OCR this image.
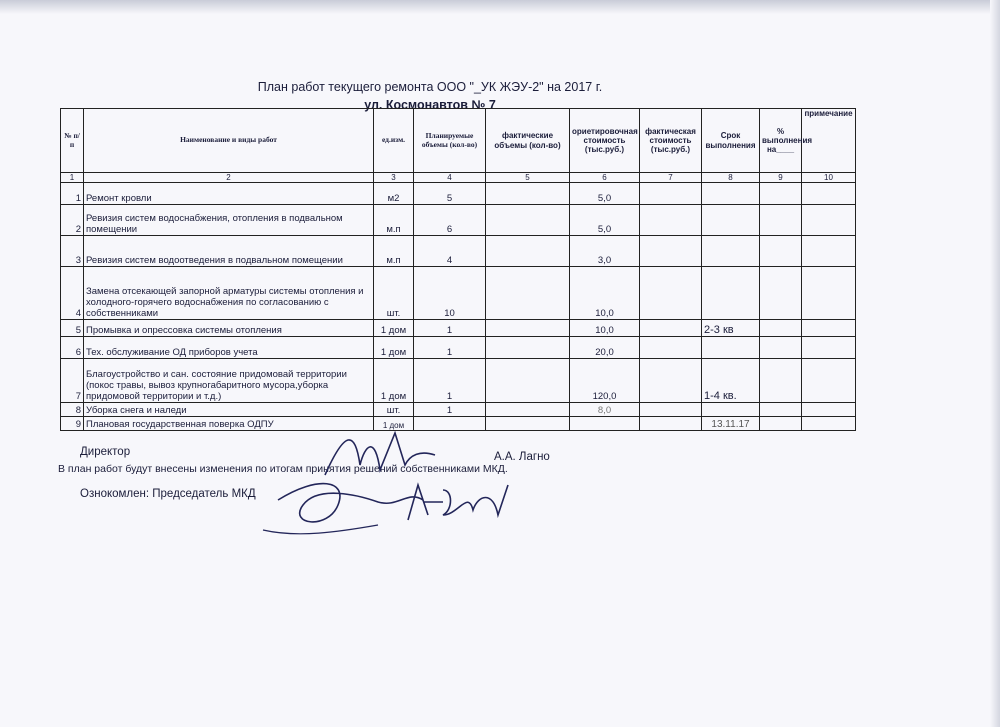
План работ текущего ремонта ООО "_УК ЖЭУ-2" на 2017 г.
ул. Космонавтов № 7
№ п/п	Наименование и виды работ	ед.изм.	Планируемые объемы (кол-во)	фактические объемы (кол-во)	ориетировочная стоимость (тыс.руб.)	фактическая стоимость (тыс.руб.)	Срок выполнения	% выполнения на____	примечание
1	2	3	4	5	6	7	8	9	10
1	Ремонт кровли	м2	5		5,0				
2	Ревизия систем водоснабжения, отопления в подвальном помещении	м.п	6		5,0				
3	Ревизия систем водоотведения в подвальном помещении	м.п	4		3,0				
4	Замена отсекающей запорной арматуры системы отопления и холодного-горячего водоснабжения по согласованию с собственниками	шт.	10		10,0				
5	Промывка и опрессовка системы отопления	1 дом	1		10,0		2-3 кв		
6	Тех. обслуживание ОД приборов учета	1 дом	1		20,0				
7	Благоустройство и сан. состояние придомовай территории (покос травы, вывоз крупногабаритного мусора,уборка придомовой территории и т.д.)	1 дом	1		120,0		1-4 кв.		
8	Уборка снега и наледи	шт.	1		8,0				
9	Плановая государственная поверка ОДПУ	1 дом					13.11.17		
Директор	А.А. Лагно
В план работ будут внесены изменения по итогам принятия решений собственниками МКД.
Ознокомлен: Председатель МКД
